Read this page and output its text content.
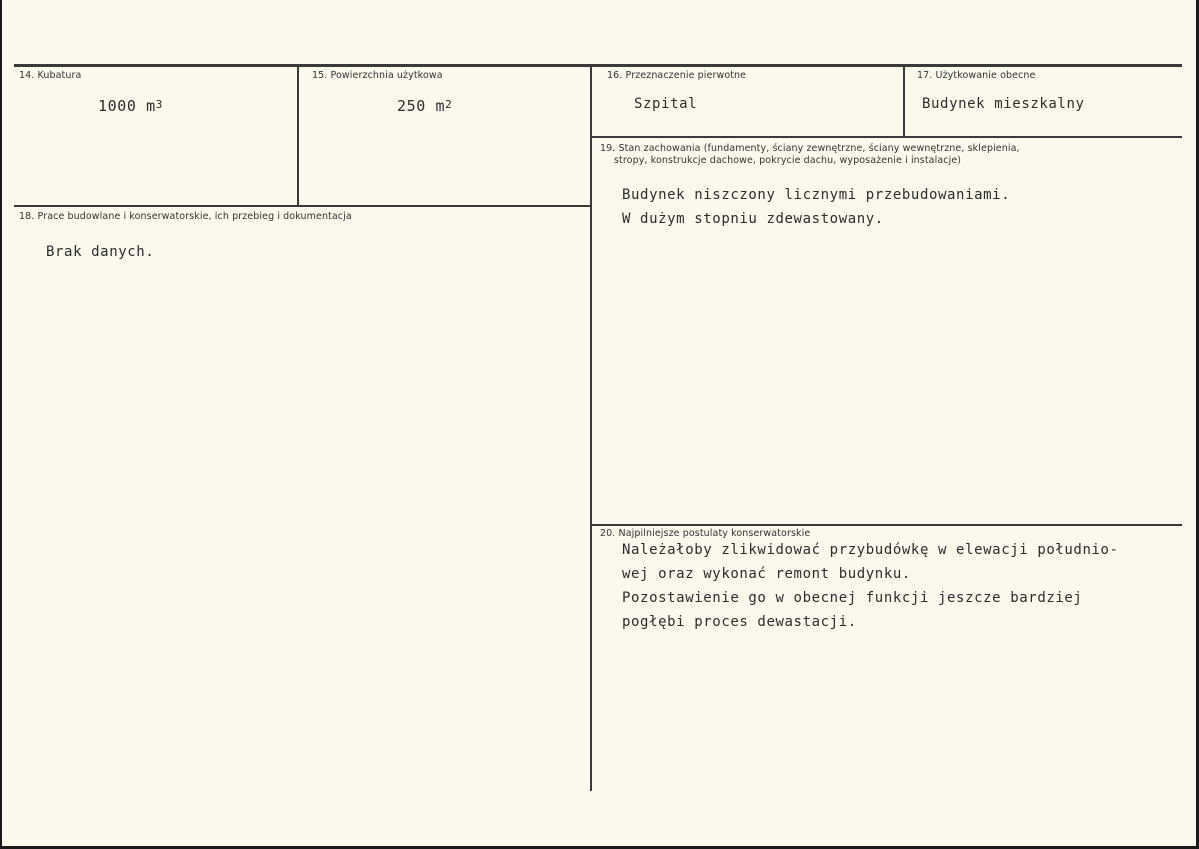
14. Kubatura
1000 $m^3$
15. Powierzchnia użytkowa
250 $m^2$
16. Przeznaczenie pierwotne
Szpital
17. Użytkowanie obecne
Budynek mieszkalny
18. Prace budowlane i konserwatorskie, ich przebieg i dokumentacja
Brak danych.
19. Stan zachowania (fundamenty, ściany zewnętrzne, ściany wewnętrzne, sklepienia,
stropy, konstrukcje dachowe, pokrycie dachu, wyposażenie i instalacje)
Budynek niszczony licznymi przebudowaniami.
W dużym stopniu zdewastowany.
20. Najpilniejsze postulaty konserwatorskie
Należałoby zlikwidować przybudówkę w elewacji południo-
wej oraz wykonać remont budynku.
Pozostawienie go w obecnej funkcji jeszcze bardziej
pogłębi proces dewastacji.
